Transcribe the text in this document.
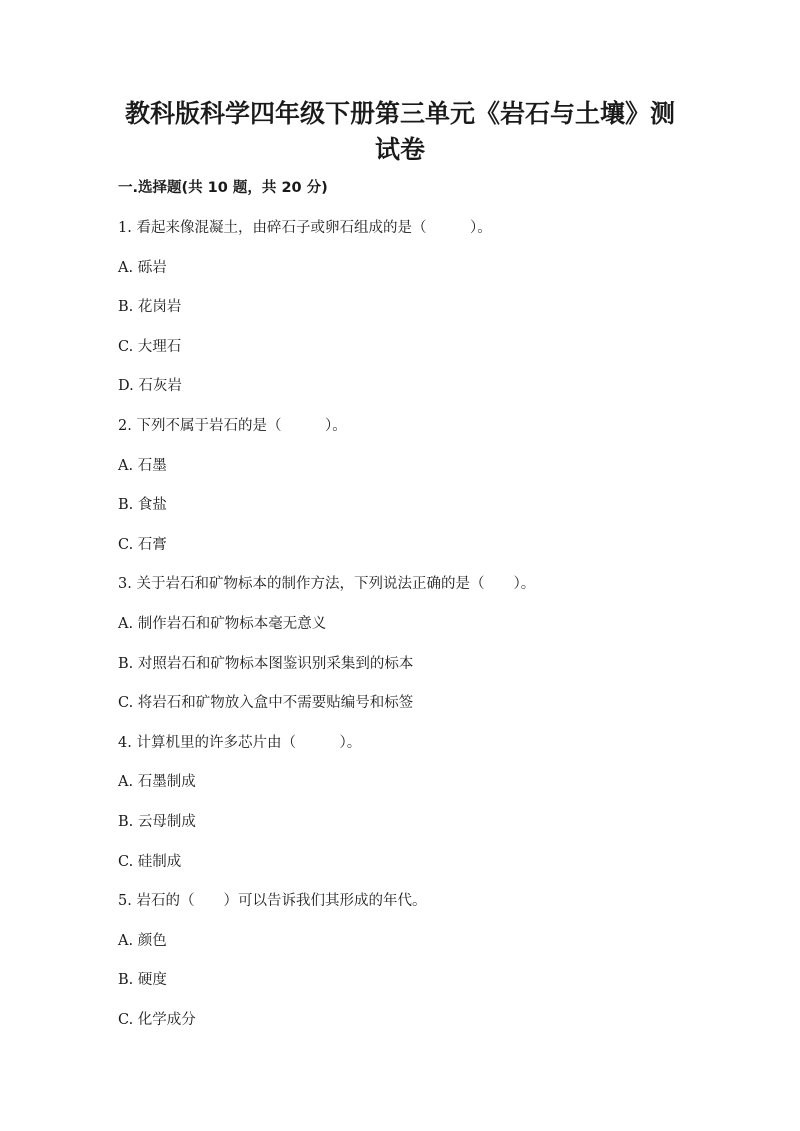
教科版科学四年级下册第三单元《岩石与土壤》测
试卷
一.选择题(共 10 题，共 20 分)
1. 看起来像混凝土，由碎石子或卵石组成的是（　　　）。
A. 砾岩
B. 花岗岩
C. 大理石
D. 石灰岩
2. 下列不属于岩石的是（　　　）。
A. 石墨
B. 食盐
C. 石膏
3. 关于岩石和矿物标本的制作方法，下列说法正确的是（　　）。
A. 制作岩石和矿物标本毫无意义
B. 对照岩石和矿物标本图鉴识别采集到的标本
C. 将岩石和矿物放入盒中不需要贴编号和标签
4. 计算机里的许多芯片由（　　　）。
A. 石墨制成
B. 云母制成
C. 硅制成
5. 岩石的（　　）可以告诉我们其形成的年代。
A. 颜色
B. 硬度
C. 化学成分
